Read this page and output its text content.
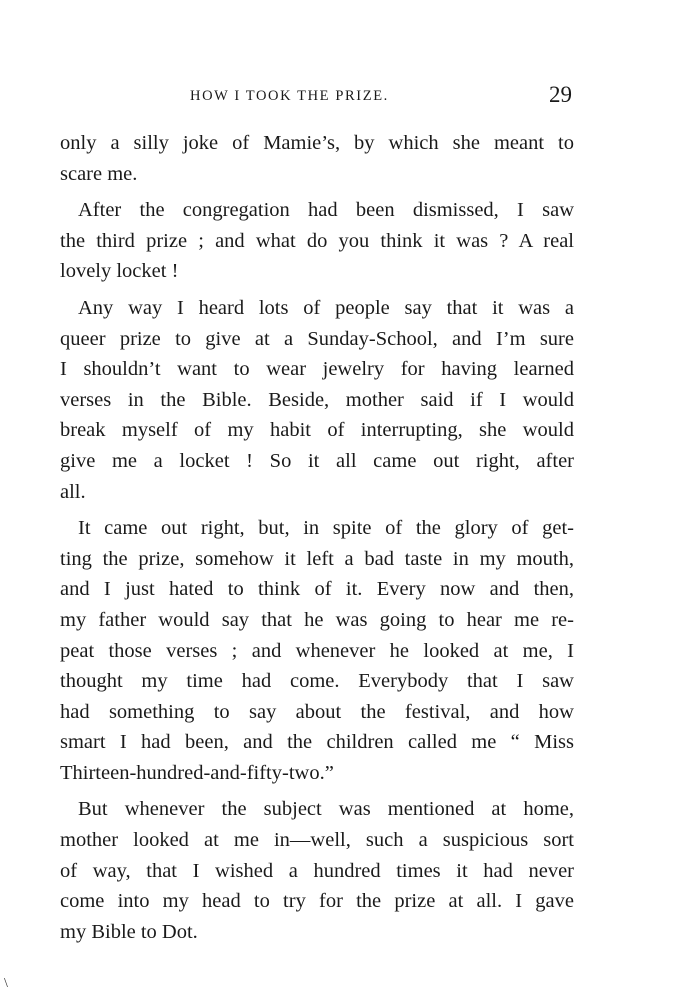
HOW I TOOK THE PRIZE.	29
only a silly joke of Mamie’s, by which she meant to
scare me.
After the congregation had been dismissed, I saw
the third prize ; and what do you think it was ? A real
lovely locket !
Any way I heard lots of people say that it was a
queer prize to give at a Sunday-School, and I’m sure
I shouldn’t want to wear jewelry for having learned
verses in the Bible. Beside, mother said if I would
break myself of my habit of interrupting, she would
give me a locket ! So it all came out right, after
all.
It came out right, but, in spite of the glory of get-
ting the prize, somehow it left a bad taste in my mouth,
and I just hated to think of it. Every now and then,
my father would say that he was going to hear me re-
peat those verses ; and whenever he looked at me, I
thought my time had come. Everybody that I saw
had something to say about the festival, and how
smart I had been, and the children called me “ Miss
Thirteen-hundred-and-fifty-two.”
But whenever the subject was mentioned at home,
mother looked at me in—well, such a suspicious sort
of way, that I wished a hundred times it had never
come into my head to try for the prize at all. I gave
my Bible to Dot.
\
